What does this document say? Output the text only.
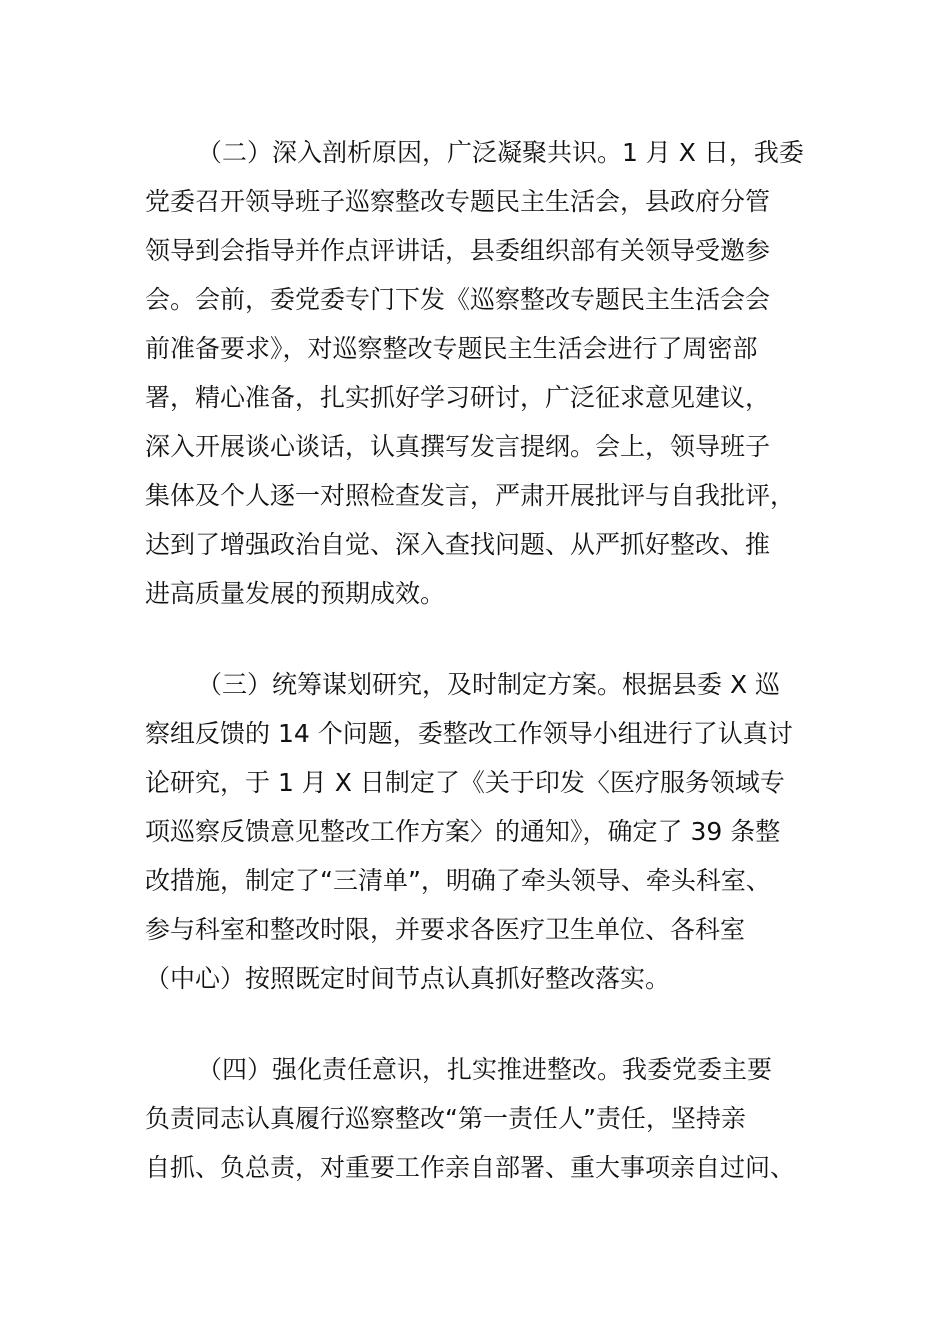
（二）深入剖析原因，广泛凝聚共识。1 月 X 日，我委
党委召开领导班子巡察整改专题民主生活会，县政府分管
领导到会指导并作点评讲话，县委组织部有关领导受邀参
会。会前，委党委专门下发《巡察整改专题民主生活会会
前准备要求》，对巡察整改专题民主生活会进行了周密部
署，精心准备，扎实抓好学习研讨，广泛征求意见建议，
深入开展谈心谈话，认真撰写发言提纲。会上，领导班子
集体及个人逐一对照检查发言，严肃开展批评与自我批评，
达到了增强政治自觉、深入查找问题、从严抓好整改、推
进高质量发展的预期成效。
（三）统筹谋划研究，及时制定方案。根据县委 X 巡
察组反馈的 14 个问题，委整改工作领导小组进行了认真讨
论研究，于 1 月 X 日制定了《关于印发〈医疗服务领域专
项巡察反馈意见整改工作方案〉的通知》，确定了 39 条整
改措施，制定了“三清单”，明确了牵头领导、牵头科室、
参与科室和整改时限，并要求各医疗卫生单位、各科室
（中心）按照既定时间节点认真抓好整改落实。
（四）强化责任意识，扎实推进整改。我委党委主要
负责同志认真履行巡察整改“第一责任人”责任，坚持亲
自抓、负总责，对重要工作亲自部署、重大事项亲自过问、
